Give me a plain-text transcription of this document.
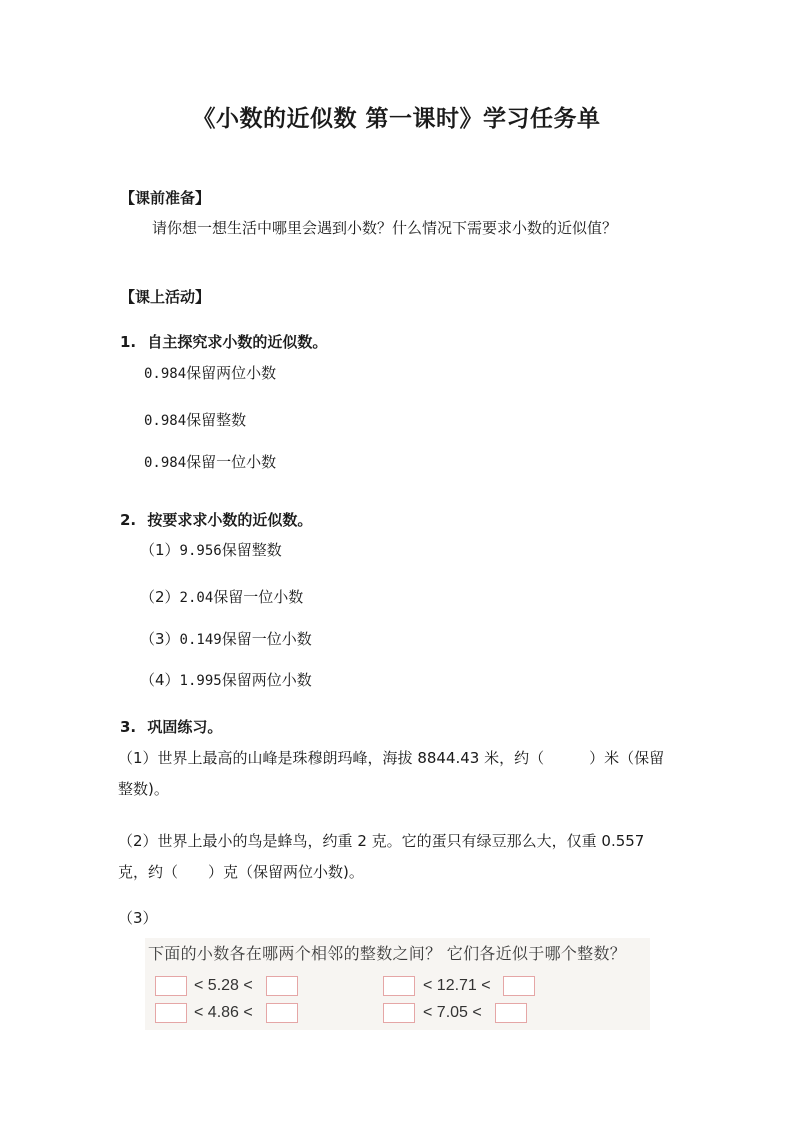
《小数的近似数 第一课时》学习任务单
【课前准备】
请你想一想生活中哪里会遇到小数？什么情况下需要求小数的近似值？
【课上活动】
1. 自主探究求小数的近似数。
0.984保留两位小数
0.984保留整数
0.984保留一位小数
2. 按要求求小数的近似数。
（1）9.956保留整数
（2）2.04保留一位小数
（3）0.149保留一位小数
（4）1.995保留两位小数
3. 巩固练习。
（1）世界上最高的山峰是珠穆朗玛峰，海拔 8844.43 米，约（　　　）米（保留
整数)。
（2）世界上最小的鸟是蜂鸟，约重 2 克。它的蛋只有绿豆那么大，仅重 0.557
克，约（　　）克（保留两位小数)。
（3）
下面的小数各在哪两个相邻的整数之间？ 它们各近似于哪个整数？
< 5.28 <	< 12.71 <
< 4.86 <	< 7.05 <
